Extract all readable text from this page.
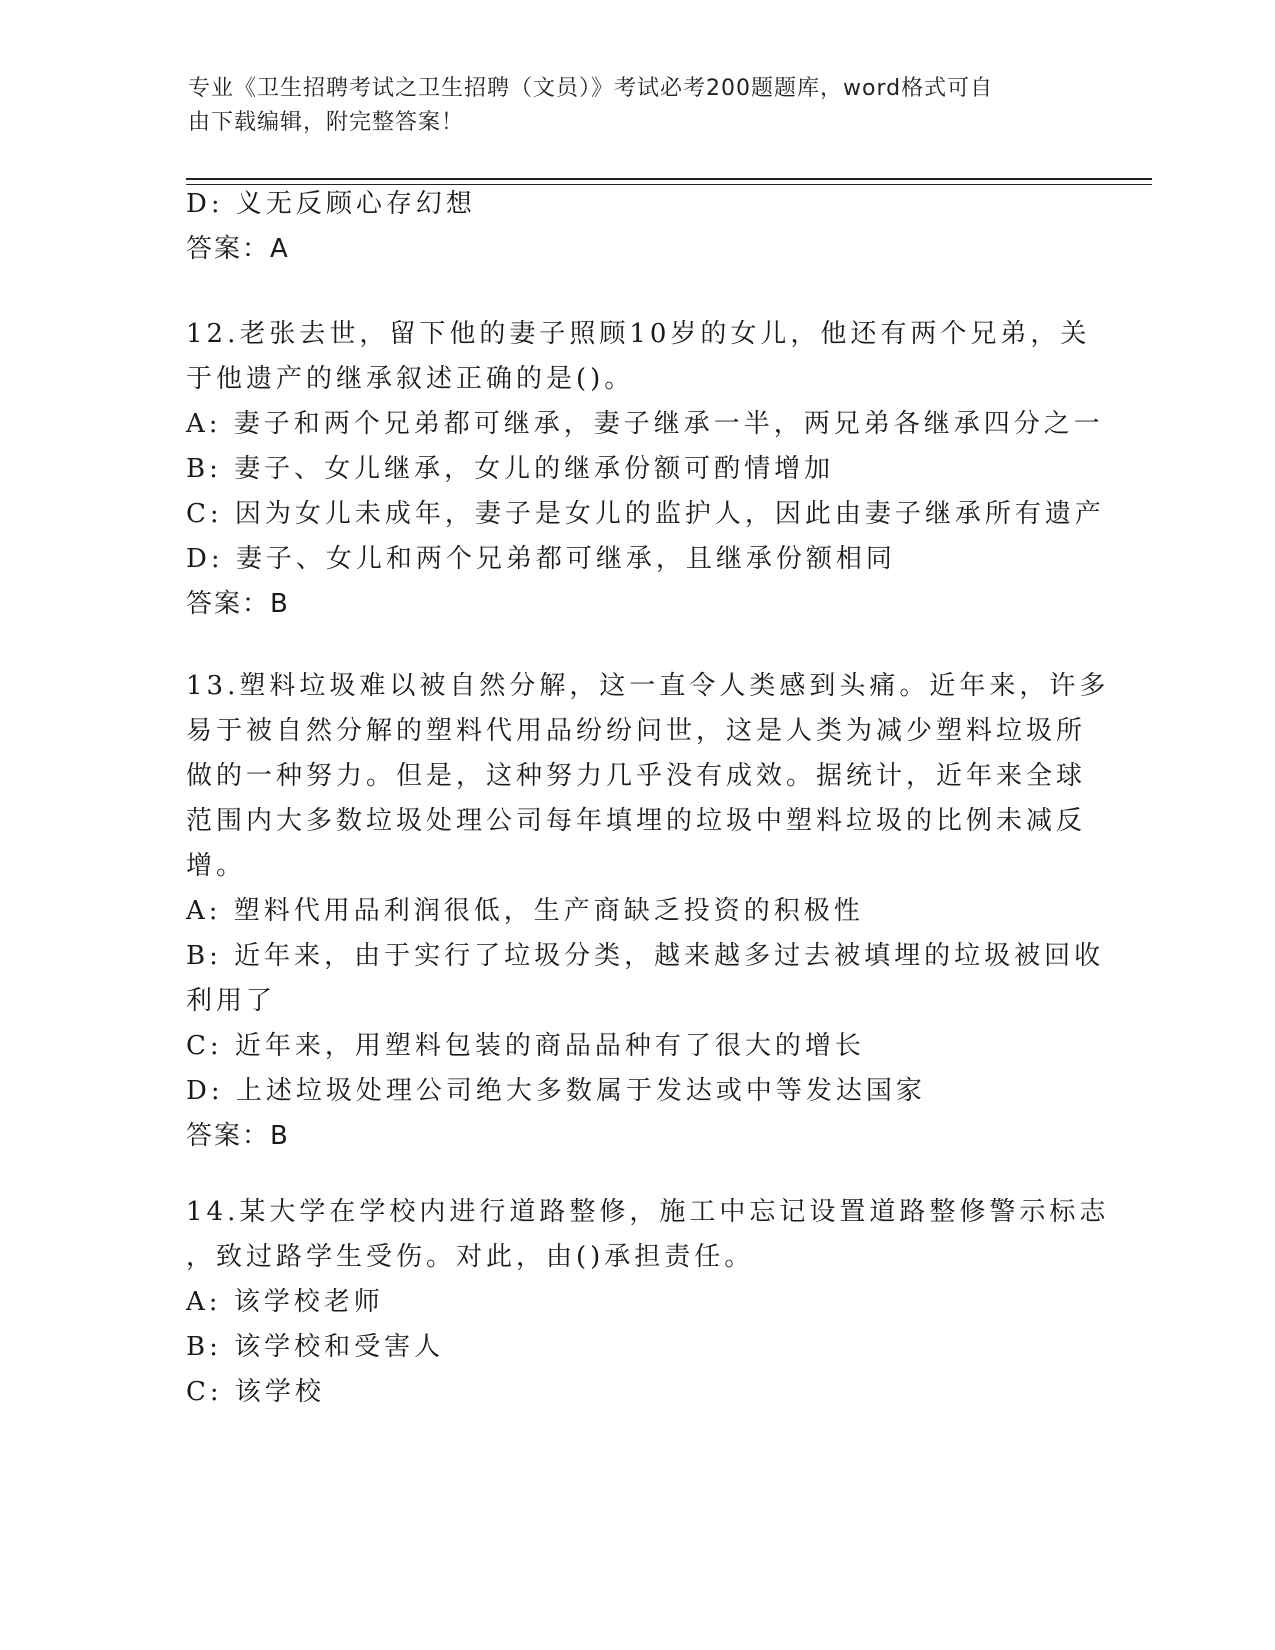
专业《卫生招聘考试之卫生招聘（文员）》考试必考200题题库，word格式可自
由下载编辑，附完整答案！
D: 义无反顾心存幻想
答案：A
12.老张去世，留下他的妻子照顾10岁的女儿，他还有两个兄弟，关
于他遗产的继承叙述正确的是()。
A: 妻子和两个兄弟都可继承，妻子继承一半，两兄弟各继承四分之一
B: 妻子、女儿继承，女儿的继承份额可酌情增加
C: 因为女儿未成年，妻子是女儿的监护人，因此由妻子继承所有遗产
D: 妻子、女儿和两个兄弟都可继承，且继承份额相同
答案：B
13.塑料垃圾难以被自然分解，这一直令人类感到头痛。近年来，许多
易于被自然分解的塑料代用品纷纷问世，这是人类为减少塑料垃圾所
做的一种努力。但是，这种努力几乎没有成效。据统计，近年来全球
范围内大多数垃圾处理公司每年填埋的垃圾中塑料垃圾的比例未减反
增。
A: 塑料代用品利润很低，生产商缺乏投资的积极性
B: 近年来，由于实行了垃圾分类，越来越多过去被填埋的垃圾被回收
利用了
C: 近年来，用塑料包装的商品品种有了很大的增长
D: 上述垃圾处理公司绝大多数属于发达或中等发达国家
答案：B
14.某大学在学校内进行道路整修，施工中忘记设置道路整修警示标志
，致过路学生受伤。对此，由()承担责任。
A: 该学校老师
B: 该学校和受害人
C: 该学校
